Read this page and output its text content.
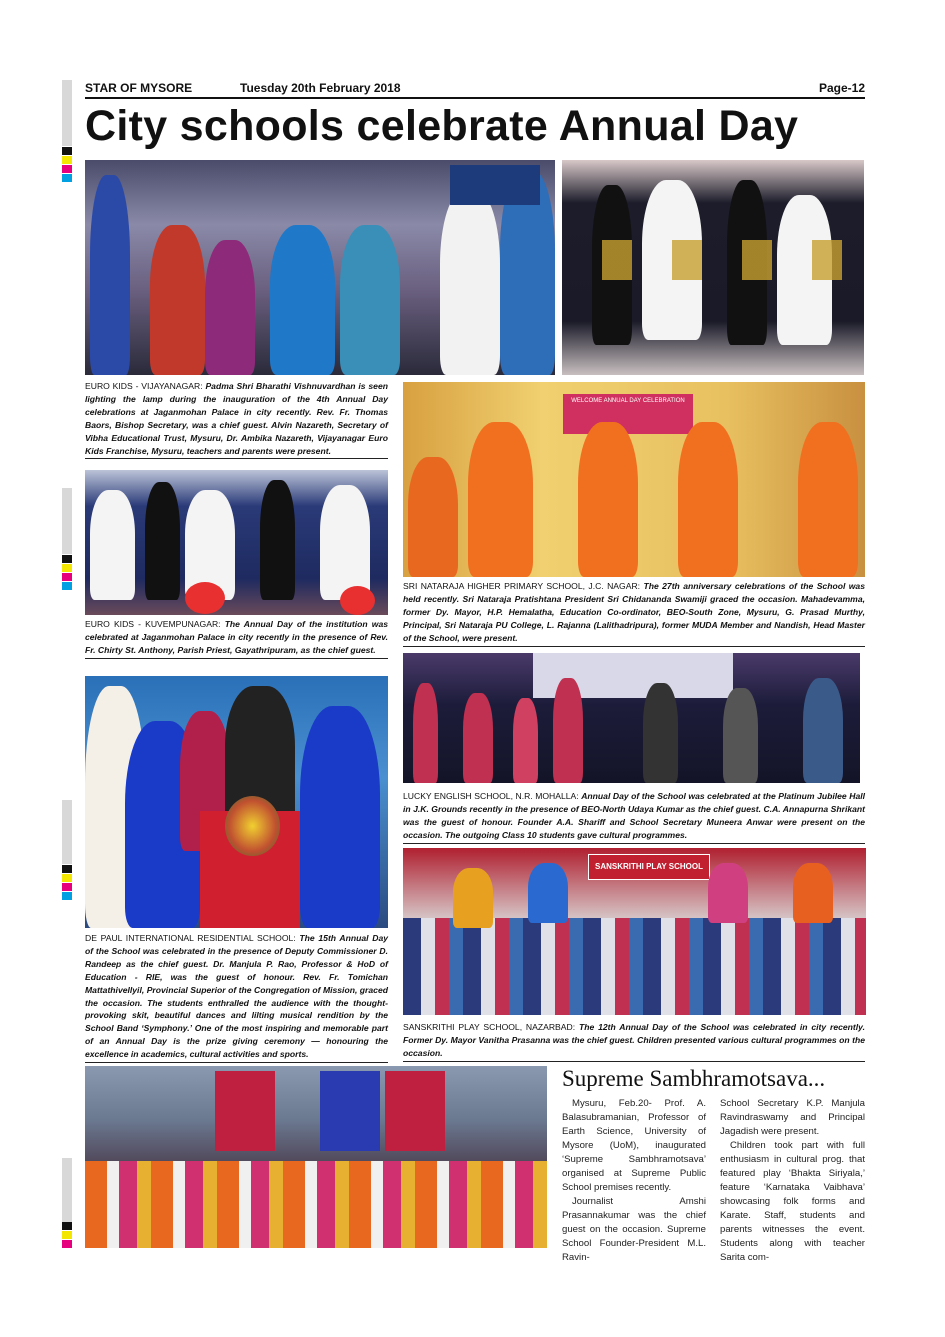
STAR OF MYSORE	Tuesday 20th February 2018	Page-12
City schools celebrate Annual Day
EURO KIDS - VIJAYANAGAR: Padma Shri Bharathi Vishnuvardhan is seen lighting the lamp during the inauguration of the 4th Annual Day celebrations at Jaganmohan Palace in city recently. Rev. Fr. Thomas Baors, Bishop Secretary, was a chief guest. Alvin Nazareth, Secretary of Vibha Educational Trust, Mysuru, Dr. Ambika Nazareth, Vijayanagar Euro Kids Franchise, Mysuru, teachers and parents were present.
WELCOME ANNUAL DAY CELEBRATION
EURO KIDS - KUVEMPUNAGAR: The Annual Day of the institution was celebrated at Jaganmohan Palace in city recently in the presence of Rev. Fr. Chirty St. Anthony, Parish Priest, Gayathripuram, as the chief guest.
SRI NATARAJA HIGHER PRIMARY SCHOOL, J.C. NAGAR: The 27th anniversary celebrations of the School was held recently. Sri Nataraja Pratishtana President Sri Chidananda Swamiji graced the occasion. Mahadevamma, former Dy. Mayor, H.P. Hemalatha, Education Co-ordinator, BEO-South Zone, Mysuru, G. Prasad Murthy, Principal, Sri Nataraja PU College, L. Rajanna (Lalithadripura), former MUDA Member and Nandish, Head Master of the School, were present.
LUCKY ENGLISH SCHOOL, N.R. MOHALLA: Annual Day of the School was celebrated at the Platinum Jubilee Hall in J.K. Grounds recently in the presence of BEO-North Udaya Kumar as the chief guest. C.A. Annapurna Shrikant was the guest of honour. Founder A.A. Shariff and School Secretary Muneera Anwar were present on the occasion. The outgoing Class 10 students gave cultural programmes.
DE PAUL INTERNATIONAL RESIDENTIAL SCHOOL: The 15th Annual Day of the School was celebrated in the presence of Deputy Commissioner D. Randeep as the chief guest. Dr. Manjula P. Rao, Professor & HoD of Education - RIE, was the guest of honour. Rev. Fr. Tomichan Mattathivellyil, Provincial Superior of the Congregation of Mission, graced the occasion. The students enthralled the audience with the thought-provoking skit, beautiful dances and lilting musical rendition by the School Band ‘Symphony.’ One of the most inspiring and memorable part of an Annual Day is the prize giving ceremony — honouring the excellence in academics, cultural activities and sports.
SANSKRITHI PLAY SCHOOL
SANSKRITHI PLAY SCHOOL, NAZARBAD: The 12th Annual Day of the School was celebrated in city recently. Former Dy. Mayor Vanitha Prasanna was the chief guest. Children presented various cultural programmes on the occasion.
Supreme Sambhramotsava...

Mysuru, Feb.20- Prof. A. Balasubramanian, Professor of Earth Science, University of Mysore (UoM), inaugurated ‘Supreme Sambhramotsava’ organised at Supreme Public School premises recently.

Journalist Amshi Prasannakumar was the chief guest on the occasion. Supreme School Founder-President M.L. Ravin-

School Secretary K.P. Manjula Ravindraswamy and Principal Jagadish were present.

Children took part with full enthusiasm in cultural prog. that featured play ‘Bhakta Siriyala,’ feature ‘Karnataka Vaibhava’ showcasing folk forms and Karate. Staff, students and parents witnesses the event. Students along with teacher Sarita com-
